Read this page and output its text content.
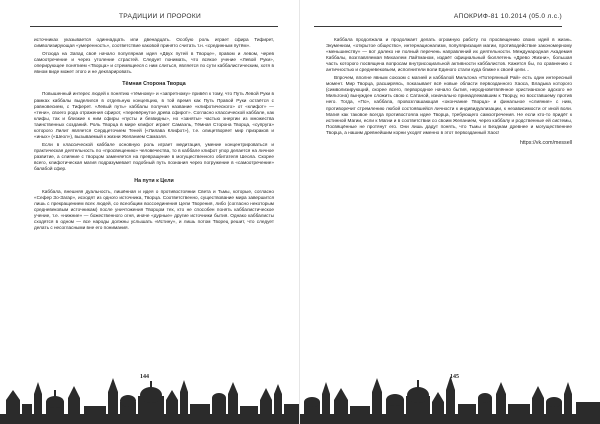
ТРАДИЦИИ И ПРОРОКИ

источниках указывается одиннадцать или двенадцать. Особую роль играет сфира Тифирет, символизирующая «умеренность», соответствие каковой принято считать т.н. «срединным путём».

Отсюда на Запад своё начало популярная идея «Двух путей в Творце», правом и левом, черев самоотречение и через утоление страстей. Следует понимать, что всякое учение «Левой Руки», оперирующее понятием «Творца» и стремящееся с ним слиться, является по сути каббалистическим, хотя в явном виде может этого и не декларировать.

Тёмная Сторона Творца

Повышенный интерес людей к понятию «тёмному» и «запретному» привёл к тому, что Путь Левой Руки в рамках каббалы выделился в отдельную концепцию, в той время как Путь Правой Руки остаётся с равновесием, с Тиферет. «Левый путь» каббалы получил название «клифотического» от «клифот» — «тени», своего рода отражения сфирот, «перевёрнутое древа сфирот». Согласно классической каббале, как клифы, так и близкие к ним сфиры «пусты и безвидны», но «заняты» частью энергии из множества таинственных созданий. Роль Творца в мире клифот играет Самаэль, Тёмная Сторона Творца, «супруга» которого Лилит является Сердцеточием Теней («Лилава Клифот»), т.е. олицетворяет мир призраков и «иных» («Шеол»), вызываемый к жизни Желанием Самаэля.

Если в классической каббале основную роль играет медитация, умение концентрироваться и практическая деятельность по «просвещению» человечества, то в каббале клифот упор делается на личное развитие, а слияние с творцом заменяется на превращение в могущественного обитателя Шеола. Скорее всего, клифотическая магия подразумевает подобный путь познания через погружение в «самоотречение» балабой сфер.

На пути к Цели

Каббала, внешняя дуальность, лишённая и идея о противостоянии Света и Тьмы, которые, согласно «Сефер Зо-Загар», исходят из одного источника, Творца. Соответственно, существование мира завершится лишь с прекращением всех людей, со всеобщим воссоединения Цели Творения, либо (согласно некоторым средневековым источникам) после уничтожения Творцом тех, кто не способен понять каббалистическое учение, т.е. «нижние» — божественного огня, иначе «дурные» другие источники бытия. Однако каббалисты сходятся в одном — все народы должны услышать «Истину», и лишь потом Творец решит, что следует делать с несогласными вне его понимания.

144
АПОКРИФ-81 10.2014 (05.0 л.с.)

Каббала продолжала и продолжает делать огромную работу по просвещению своих идей в жизнь. Экуменизм, «открытое общество», интернационализм, популяризация магии, противодействие закономерному «меньшинству» — вот далеко не полный перечень направлений их деятельности. Международная Академия Каббалы, возглавляемая Михаэлем Лайтманом, издаёт официальный бюллетень «Древо Жизни», большая часть которого посвящена вопросам внутрисоциальной активности каббалистов. Кажется бы, по сравнению с античностью и средневековьем, исполнители воли Единого стали куда ближе к своей цели…

Впрочем, вполне явным союзом с магией и каббалой Мильтона «Потерянный Рай» есть один интересный момент. Мир Творца, расширяясь, показывает всё новые области первозданного Хаоса, Владыка которого (символизирующий, скорее всего, первородное начало бытия, неродноветвлённое христианское адского не Мильтона) вынужден сложить свою с Сатаной, изначально принадлежавшим к Творцу, но восставшему против него. Тогда, «По», каббала, провозглашающая «окончание Творца» и финальное «слияние» с ним, противоречит стремлению любой состоявшейся личности к индивидуализации, к независимости от иной воли. Магия как таковое всегда противостояла идее Творца, требующего самоотречения. Не если кто-то придёт к истинной Магии, если к Магии и в соответствии со своим Желанием, через каббалу и родственные ей системы, Посвящённые не протянут его. Они лишь дадут понять, что Тьмы и Безднам древнее и могущественнее Творца, а нашим древнейшим корни уходят именно в этот первозданный Хаос!

https://vk.com/messell
145
